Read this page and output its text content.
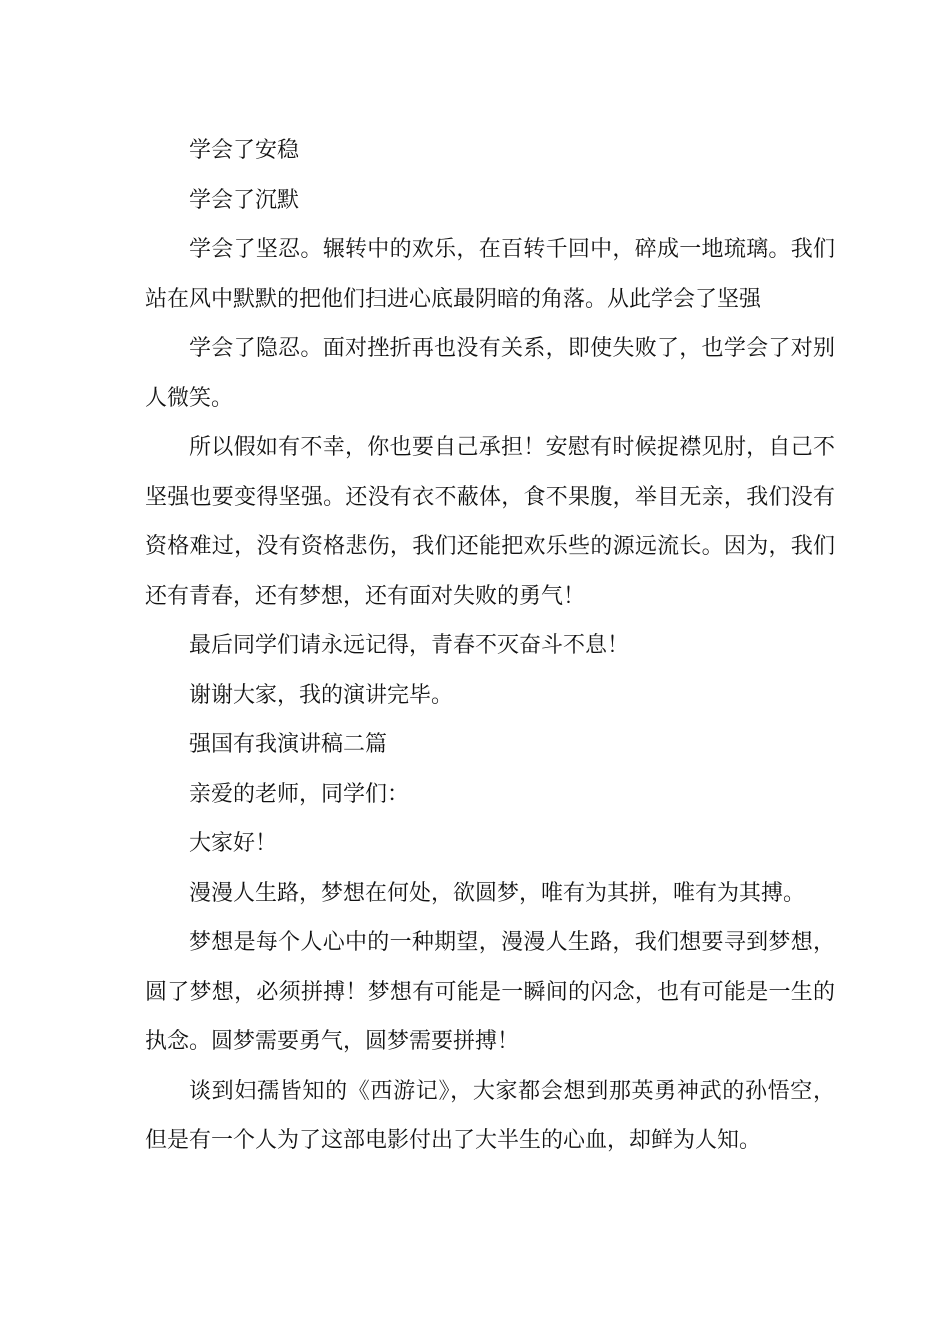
学会了安稳

学会了沉默

学会了坚忍。辗转中的欢乐，在百转千回中，碎成一地琉璃。我们站在风中默默的把他们扫进心底最阴暗的角落。从此学会了坚强

学会了隐忍。面对挫折再也没有关系，即使失败了，也学会了对别人微笑。

所以假如有不幸，你也要自己承担！安慰有时候捉襟见肘，自己不坚强也要变得坚强。还没有衣不蔽体，食不果腹，举目无亲，我们没有资格难过，没有资格悲伤，我们还能把欢乐些的源远流长。因为，我们还有青春，还有梦想，还有面对失败的勇气！

最后同学们请永远记得，青春不灭奋斗不息！

谢谢大家，我的演讲完毕。

强国有我演讲稿二篇

亲爱的老师，同学们：

大家好！

漫漫人生路，梦想在何处，欲圆梦，唯有为其拼，唯有为其搏。

梦想是每个人心中的一种期望，漫漫人生路，我们想要寻到梦想，圆了梦想，必须拼搏！梦想有可能是一瞬间的闪念，也有可能是一生的执念。圆梦需要勇气，圆梦需要拼搏！

谈到妇孺皆知的《西游记》，大家都会想到那英勇神武的孙悟空，但是有一个人为了这部电影付出了大半生的心血，却鲜为人知。
